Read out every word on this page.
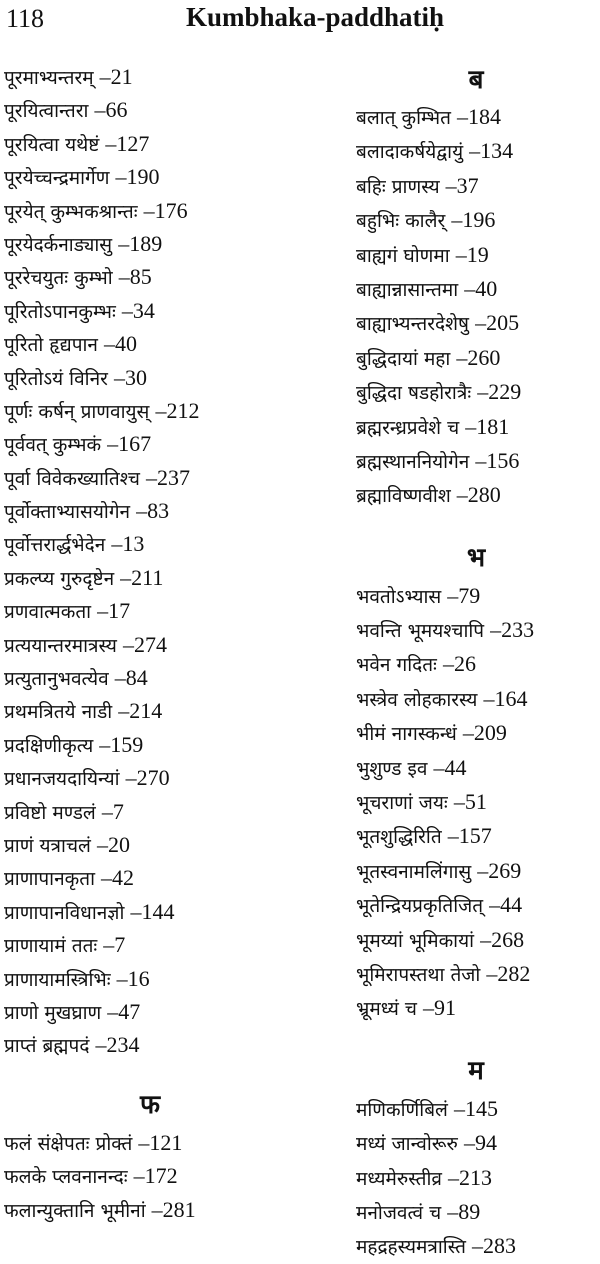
118	Kumbhaka-paddhatiḥ
पूरमाभ्यन्तरम् –21
पूरयित्वान्तरा –66
पूरयित्वा यथेष्टं –127
पूरयेच्चन्द्रमार्गेण –190
पूरयेत् कुम्भकश्रान्तः –176
पूरयेदर्कनाड्यासु –189
पूररेचयुतः कुम्भो –85
पूरितोऽपानकुम्भः –34
पूरितो हृद्यपान –40
पूरितोऽयं विनिर –30
पूर्णः कर्षन् प्राणवायुस् –212
पूर्ववत् कुम्भकं –167
पूर्वा विवेकख्यातिश्च –237
पूर्वोक्ताभ्यासयोगेन –83
पूर्वोत्तरार्द्धभेदेन –13
प्रकल्प्य गुरुदृष्टेन –211
प्रणवात्मकता –17
प्रत्ययान्तरमात्रस्य –274
प्रत्युतानुभवत्येव –84
प्रथमत्रितये नाडी –214
प्रदक्षिणीकृत्य –159
प्रधानजयदायिन्यां –270
प्रविष्टो मण्डलं –7
प्राणं यत्राचलं –20
प्राणापानकृता –42
प्राणापानविधानज्ञो –144
प्राणायामं ततः –7
प्राणायामस्त्रिभिः –16
प्राणो मुखघ्राण –47
प्राप्तं ब्रह्मपदं –234
फ
फलं संक्षेपतः प्रोक्तं –121
फलके प्लवनानन्दः –172
फलान्युक्तानि भूमीनां –281
ब
बलात् कुम्भित –184
बलादाकर्षयेद्वायुं –134
बहिः प्राणस्य –37
बहुभिः कालैर् –196
बाह्यगं घोणमा –19
बाह्यान्नासान्तमा –40
बाह्याभ्यन्तरदेशेषु –205
बुद्धिदायां महा –260
बुद्धिदा षडहोरात्रैः –229
ब्रह्मरन्ध्रप्रवेशे च –181
ब्रह्मस्थाननियोगेन –156
ब्रह्माविष्णवीश –280
भ
भवतोऽभ्यास –79
भवन्ति भूमयश्चापि –233
भवेन गदितः –26
भस्त्रेव लोहकारस्य –164
भीमं नागस्कन्धं –209
भुशुण्ड इव –44
भूचराणां जयः –51
भूतशुद्धिरिति –157
भूतस्वनामलिंगासु –269
भूतेन्द्रियप्रकृतिजित् –44
भूमय्यां भूमिकायां –268
भूमिरापस्तथा तेजो –282
भ्रूमध्यं च –91
म
मणिकर्णिबिलं –145
मध्यं जान्वोरूरु –94
मध्यमेरुस्तीव्र –213
मनोजवत्वं च –89
महद्रहस्यमत्रास्ति –283
